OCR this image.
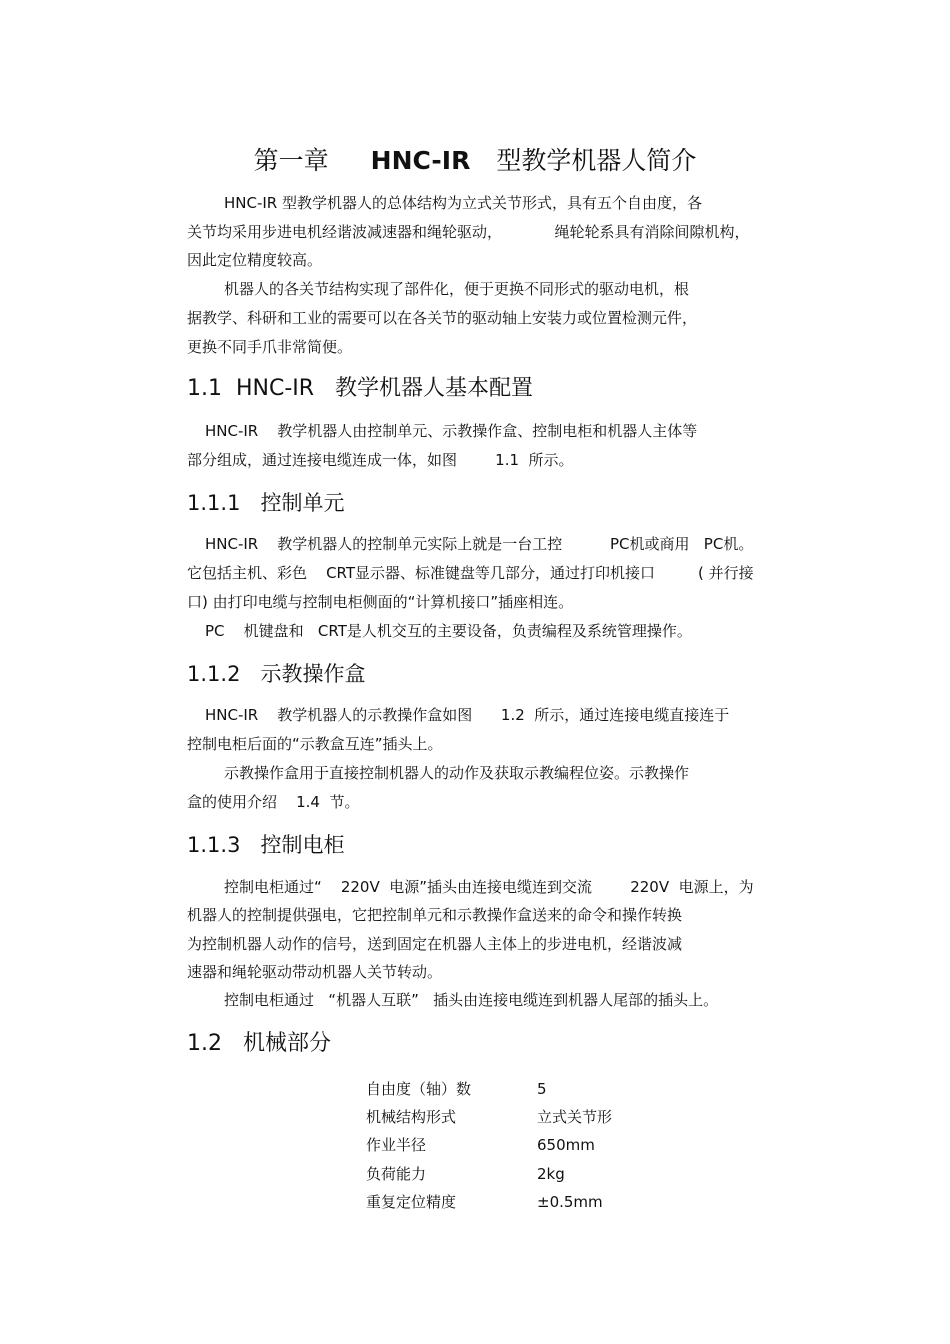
第一章 HNC-IR 型教学机器人简介
HNC-IR 型教学机器人的总体结构为立式关节形式，具有五个自由度，各
关节均采用步进电机经谐波减速器和绳轮驱动，           绳轮轮系具有消除间隙机构，
因此定位精度较高。
机器人的各关节结构实现了部件化，便于更换不同形式的驱动电机，根
据教学、科研和工业的需要可以在各关节的驱动轴上安装力或位置检测元件，
更换不同手爪非常简便。
1.1  HNC-IR   教学机器人基本配置
HNC-IR    教学机器人由控制单元、示教操作盒、控制电柜和机器人主体等
部分组成，通过连接电缆连成一体，如图        1.1  所示。
1.1.1   控制单元
HNC-IR    教学机器人的控制单元实际上就是一台工控          PC机或商用   PC机。
它包括主机、彩色    CRT显示器、标准键盘等几部分，通过打印机接口         ( 并行接
口) 由打印电缆与控制电柜侧面的“计算机接口”插座相连。
PC    机键盘和   CRT是人机交互的主要设备，负责编程及系统管理操作。
1.1.2   示教操作盒
HNC-IR    教学机器人的示教操作盒如图      1.2  所示，通过连接电缆直接连于
控制电柜后面的“示教盒互连”插头上。
示教操作盒用于直接控制机器人的动作及获取示教编程位姿。示教操作
盒的使用介绍    1.4  节。
1.1.3   控制电柜
控制电柜通过“    220V  电源”插头由连接电缆连到交流        220V  电源上，为
机器人的控制提供强电，它把控制单元和示教操作盒送来的命令和操作转换
为控制机器人动作的信号，送到固定在机器人主体上的步进电机，经谐波减
速器和绳轮驱动带动机器人关节转动。
控制电柜通过   “机器人互联”   插头由连接电缆连到机器人尾部的插头上。
1.2   机械部分
自由度（轴）数	5
机械结构形式	立式关节形
作业半径	650mm
负荷能力	2kg
重复定位精度	±0.5mm
